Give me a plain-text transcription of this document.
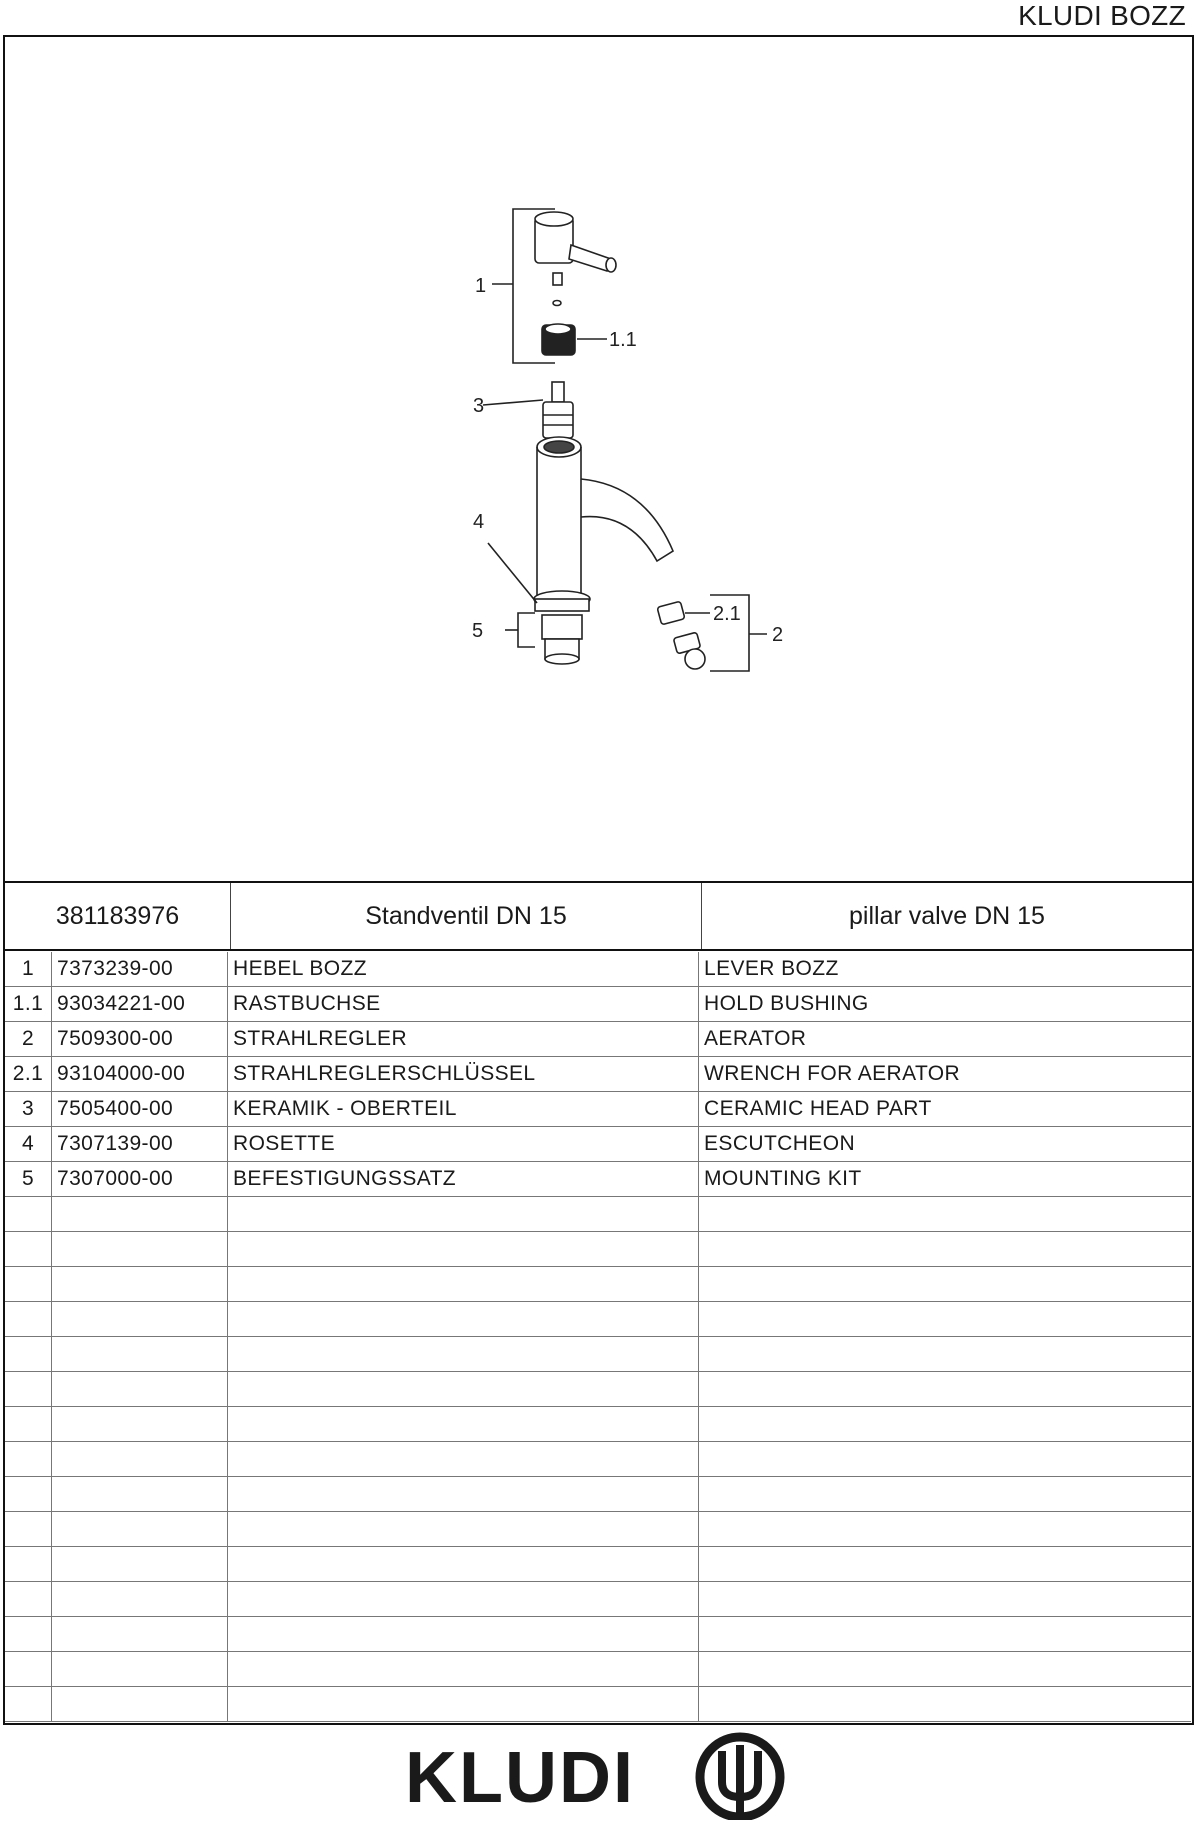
KLUDI BOZZ
1
1.1
3
4
5
2.1
2
381183976	Standventil DN 15	pillar valve DN 15
1	7373239-00	HEBEL BOZZ	LEVER BOZZ
1.1	93034221-00	RASTBUCHSE	HOLD BUSHING
2	7509300-00	STRAHLREGLER	AERATOR
2.1	93104000-00	STRAHLREGLERSCHLÜSSEL	WRENCH FOR AERATOR
3	7505400-00	KERAMIK - OBERTEIL	CERAMIC HEAD PART
4	7307139-00	ROSETTE	ESCUTCHEON
5	7307000-00	BEFESTIGUNGSSATZ	MOUNTING KIT

KLUDI
